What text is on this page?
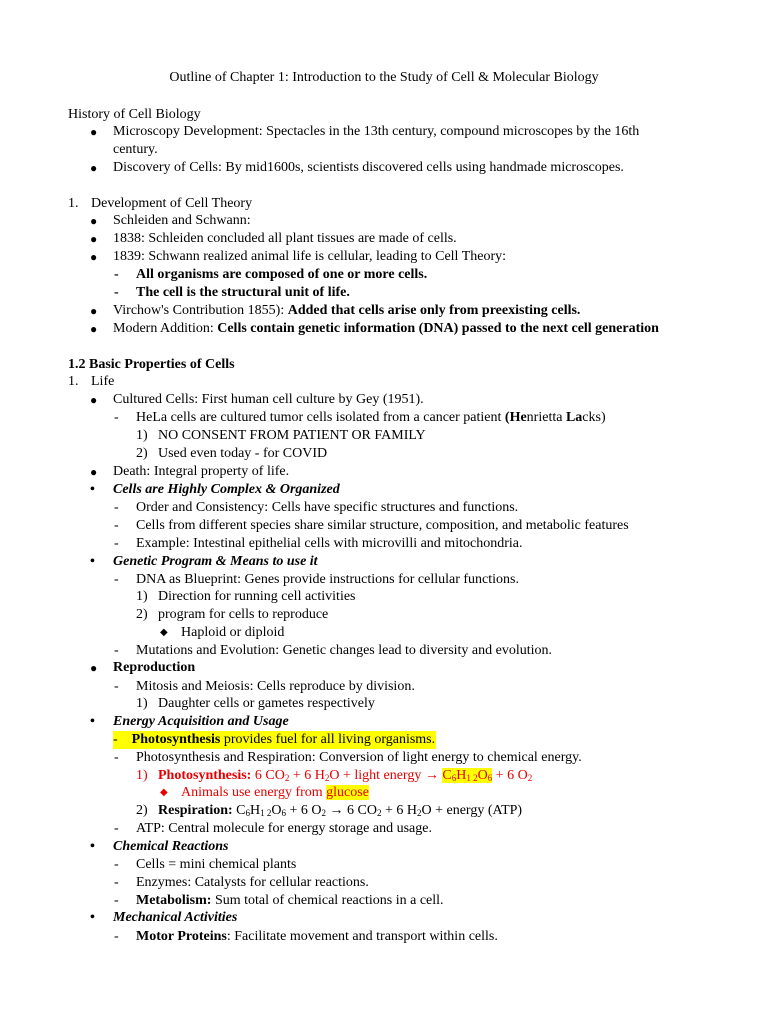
Outline of Chapter 1: Introduction to the Study of Cell & Molecular Biology
History of Cell Biology
● Microscopy Development: Spectacles in the 13th century, compound microscopes by the 16th
century.
● Discovery of Cells: By mid1600s, scientists discovered cells using handmade microscopes.
1. Development of Cell Theory
● Schleiden and Schwann:
● 1838: Schleiden concluded all plant tissues are made of cells.
● 1839: Schwann realized animal life is cellular, leading to Cell Theory:
- All organisms are composed of one or more cells.
- The cell is the structural unit of life.
● Virchow's Contribution 1855): Added that cells arise only from preexisting cells.
● Modern Addition: Cells contain genetic information (DNA) passed to the next cell generation
1.2 Basic Properties of Cells
1. Life
● Cultured Cells: First human cell culture by Gey (1951).
- HeLa cells are cultured tumor cells isolated from a cancer patient (Henrietta Lacks)
1) NO CONSENT FROM PATIENT OR FAMILY
2) Used even today - for COVID
● Death: Integral property of life.
• Cells are Highly Complex & Organized
- Order and Consistency: Cells have specific structures and functions.
- Cells from different species share similar structure, composition, and metabolic features
- Example: Intestinal epithelial cells with microvilli and mitochondria.
• Genetic Program & Means to use it
- DNA as Blueprint: Genes provide instructions for cellular functions.
1) Direction for running cell activities
2) program for cells to reproduce
◆ Haploid or diploid
- Mutations and Evolution: Genetic changes lead to diversity and evolution.
● Reproduction
- Mitosis and Meiosis: Cells reproduce by division.
1) Daughter cells or gametes respectively
• Energy Acquisition and Usage
- Photosynthesis provides fuel for all living organisms.
- Photosynthesis and Respiration: Conversion of light energy to chemical energy.
1) Photosynthesis: 6 $CO_2 + 6$ $H_2O$ + light energy → $C_6H_{1 2}O_6 + 6$ $O_2$
◆ Animals use energy from glucose
2) Respiration: $C_6H_{1 2}O_6 + 6$ $O_2 \to 6$ $CO_2 + 6$ $H_2O$ + energy (ATP)
- ATP: Central molecule for energy storage and usage.
• Chemical Reactions
- Cells = mini chemical plants
- Enzymes: Catalysts for cellular reactions.
- Metabolism: Sum total of chemical reactions in a cell.
• Mechanical Activities
- Motor Proteins: Facilitate movement and transport within cells.
